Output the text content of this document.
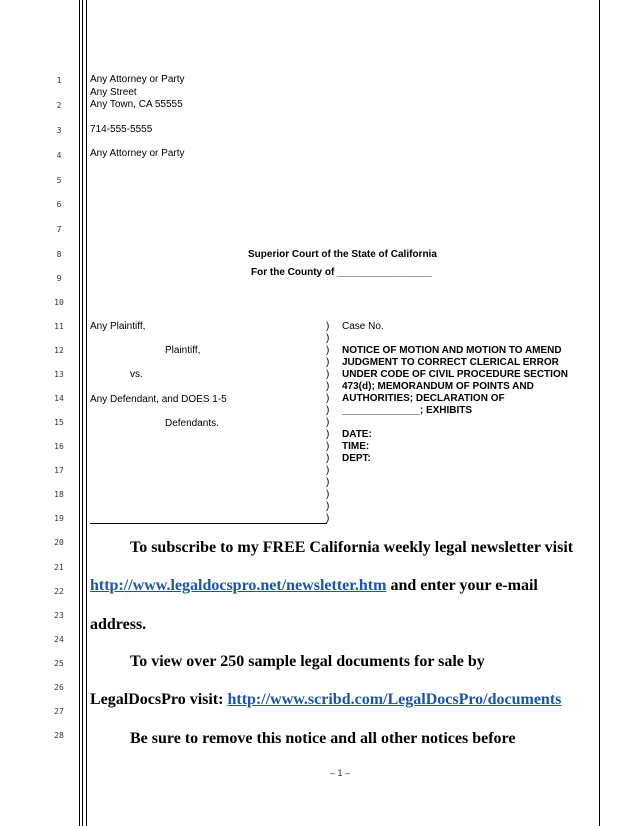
1
2
3
4
5
6
7
8
9
10
11
12
13
14
15
16
17
18
19
20
21
22
23
24
25
26
27
28
Any Attorney or Party
Any Street
Any Town, CA 55555
714-555-5555
Any Attorney or Party
Superior Court of the State of California
For the County of _________________
Any Plaintiff,
Plaintiff,
vs.
Any Defendant, and DOES 1-5
Defendants.
)
)
)
)
)
)
)
)
)
)
)
)
)
)
)
)
)
Case No.
NOTICE OF MOTION AND MOTION TO AMEND
JUDGMENT TO CORRECT CLERICAL ERROR
UNDER CODE OF CIVIL PROCEDURE SECTION
473(d); MEMORANDUM OF POINTS AND
AUTHORITIES; DECLARATION OF
______________; EXHIBITS
DATE:
TIME:
DEPT:
To subscribe to my FREE California weekly legal newsletter visit
http://www.legaldocspro.net/newsletter.htm and enter your e-mail
address.
To view over 250 sample legal documents for sale by
LegalDocsPro visit: http://www.scribd.com/LegalDocsPro/documents
Be sure to remove this notice and all other notices before
– 1 –
